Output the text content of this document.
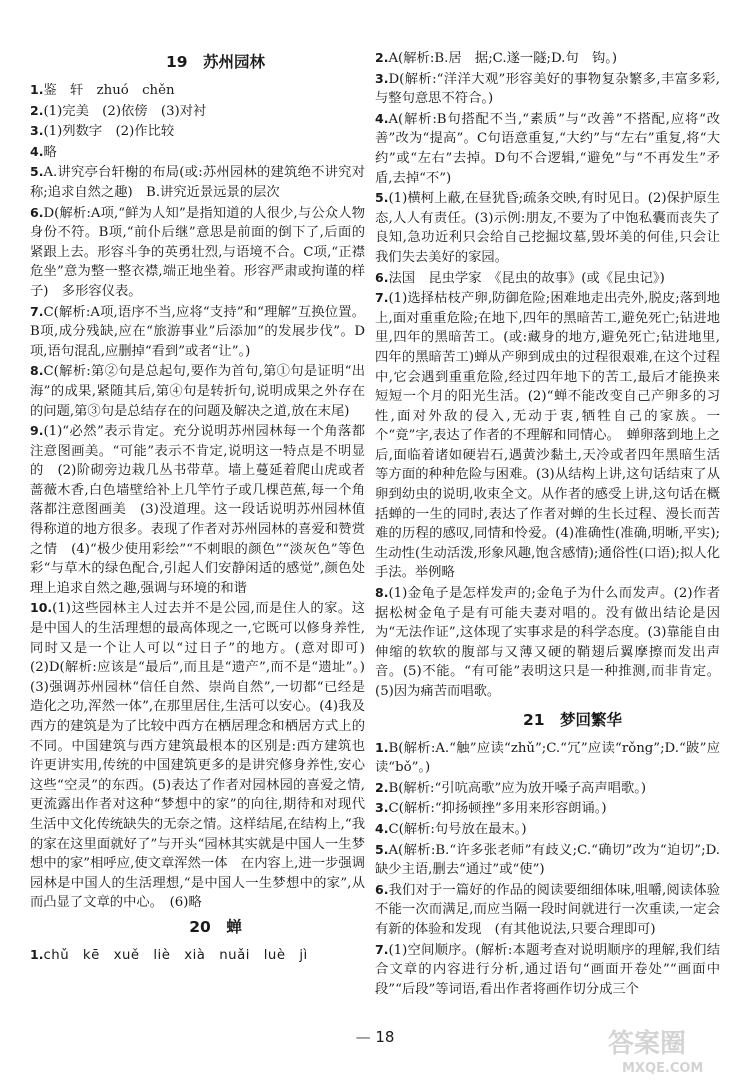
19　苏州园林
1.鉴　轩　zhuó　chěn
2.(1)完美　(2)依傍　(3)对衬
3.(1)列数字　(2)作比较
4.略
5.A.讲究亭台轩榭的布局(或:苏州园林的建筑绝不讲究对称;追求自然之趣)　B.讲究近景远景的层次
6.D(解析:A项,“鲜为人知”是指知道的人很少,与公众人物身份不符。B项,“前仆后继”意思是前面的倒下了,后面的紧跟上去。形容斗争的英勇壮烈,与语境不合。C项,“正襟危坐”意为整一整衣襟,端正地坐着。形容严肃或拘谨的样子)　多形容仪表。
7.C(解析:A项,语序不当,应将“支持”和“理解”互换位置。B项,成分残缺,应在“旅游事业”后添加“的发展步伐”。D项,语句混乱,应删掉“看到”或者“让”。)
8.C(解析:第②句是总起句,要作为首句,第①句是证明“出海”的成果,紧随其后,第④句是转折句,说明成果之外存在的问题,第③句是总结存在的问题及解决之道,放在末尾)
9.(1)“必然”表示肯定。充分说明苏州园林每一个角落都注意图画美。“可能”表示不肯定,说明这一特点是不明显的　(2)阶砌旁边栽几丛书带草。墙上蔓延着爬山虎或者蔷薇木香,白色墙壁给补上几竿竹子或几棵芭蕉,每一个角落都注意图画美　(3)没道理。这一段话说明苏州园林值得称道的地方很多。表现了作者对苏州园林的喜爱和赞赏之情　(4)“极少使用彩绘”“不刺眼的颜色”“淡灰色”等色彩“与草木的绿色配合,引起人们安静闲适的感觉”,颜色处理上追求自然之趣,强调与环境的和谐
10.(1)这些园林主人过去并不是公园,而是住人的家。这是中国人的生活理想的最高体现之一,它既可以修身养性,同时又是一个让人可以“过日子”的地方。(意对即可)　(2)D(解析:应该是“最后”,而且是“遗产”,而不是“遗址”。)　(3)强调苏州园林“信任自然、崇尚自然”,一切都“已经是造化之功,浑然一体”,在那里居住,生活可以安心。(4)我及西方的建筑是为了比较中西方在栖居理念和栖居方式上的不同。中国建筑与西方建筑最根本的区别是:西方建筑也许更讲实用,传统的中国建筑更多的是讲究修身养性,安心这些“空灵”的东西。(5)表达了作者对园林园的喜爱之情,更流露出作者对这种“梦想中的家”的向往,期待和对现代生活中文化传统缺失的无奈之情。这样结尾,在结构上,“我的家在这里面就好了”与开头“园林其实就是中国人一生梦想中的家”相呼应,使文章浑然一体　在内容上,进一步强调园林是中国人的生活理想,“是中国人一生梦想中的家”,从而凸显了文章的中心。　(6)略
20　蝉
1.chǔ　kē　xuě　liè　xià　nuǎi　luè　jì
2.A(解析:B.居　据;C.遂一隧;D.句　钩。)
3.D(解析:“洋洋大观”形容美好的事物复杂繁多,丰富多彩,与整句意思不符合。)
4.A(解析:B句搭配不当,“素质”与“改善”不搭配,应将“改善”改为“提高”。C句语意重复,“大约”与“左右”重复,将“大约”或“左右”去掉。D句不合逻辑,“避免”与“不再发生”矛盾,去掉“不”)
5.(1)横柯上蔽,在昼犹昏;疏条交映,有时见日。(2)保护原生态,人人有责任。(3)示例:朋友,不要为了中饱私囊而丧失了良知,急功近利只会给自己挖掘坟墓,毁坏美的何佳,只会让我们失去美好的家园。
6.法国　昆虫学家　《昆虫的故事》(或《昆虫记》)
7.(1)选择枯枝产卵,防御危险;困难地走出壳外,脱皮;落到地上,面对重重危险;在地下,四年的黑暗苦工,避免死亡;钻进地里,四年的黑暗苦工。(或:藏身的地方,避免死亡;钻进地里,四年的黑暗苦工)蝉从产卵到成虫的过程很艰难,在这个过程中,它会遇到重重危险,经过四年地下的苦工,最后才能换来短短一个月的阳光生活。(2)“蝉不能改变自己产卵多的习性,面对外敌的侵入,无动于衷,牺牲自己的家族。一个“竟”字,表达了作者的不理解和同情心。　蝉卵落到地上之后,面临着诸如硬岩石,遇黄沙黏土,天冷或者四年黑暗生活等方面的种种危险与困难。(3)从结构上讲,这句话结束了从卵到幼虫的说明,收束全文。从作者的感受上讲,这句话在概括蝉的一生的同时,表达了作者对蝉的生长过程、漫长而苦难的历程的感叹,同情和怜爱。(4)准确性(准确,明晰,平实);生动性(生动活泼,形象风趣,饱含感情);通俗性(口语);拟人化手法。举例略
8.(1)金龟子是怎样发声的;金龟子为什么而发声。(2)作者据松树金龟子是有可能夫妻对唱的。没有做出结论是因为“无法作证”,这体现了实事求是的科学态度。(3)靠能自由伸缩的软软的腹部与又薄又硬的鞘翅后翼摩擦而发出声音。(5)不能。“有可能”表明这只是一种推测,而非肯定。(5)因为痛苦而唱歌。
21　梦回繁华
1.B(解析:A.“触”应读“zhǔ”;C.“冗”应读“rǒng”;D.“跛”应读“bǒ”。)
2.B(解析:“引吭高歌”应为放开嗓子高声唱歌。)
3.C(解析:“抑扬顿挫”多用来形容朗诵。)
4.C(解析:句号放在最末。)
5.A(解析:B.“许多张老师”有歧义;C.“确切”改为“迫切”;D.缺少主语,删去“通过”或“使”)
6.我们对于一篇好的作品的阅读要细细体味,咀嚼,阅读体验不能一次而满足,而应当隔一段时间就进行一次重读,一定会有新的体验和发现　(有其他说法,只要合理即可)
7.(1)空间顺序。(解析:本题考查对说明顺序的理解,我们结合文章的内容进行分析,通过语句“画面开卷处”“画面中段”“后段”等词语,看出作者将画作切分成三个
— 18	答案圈
MXQE.COM
